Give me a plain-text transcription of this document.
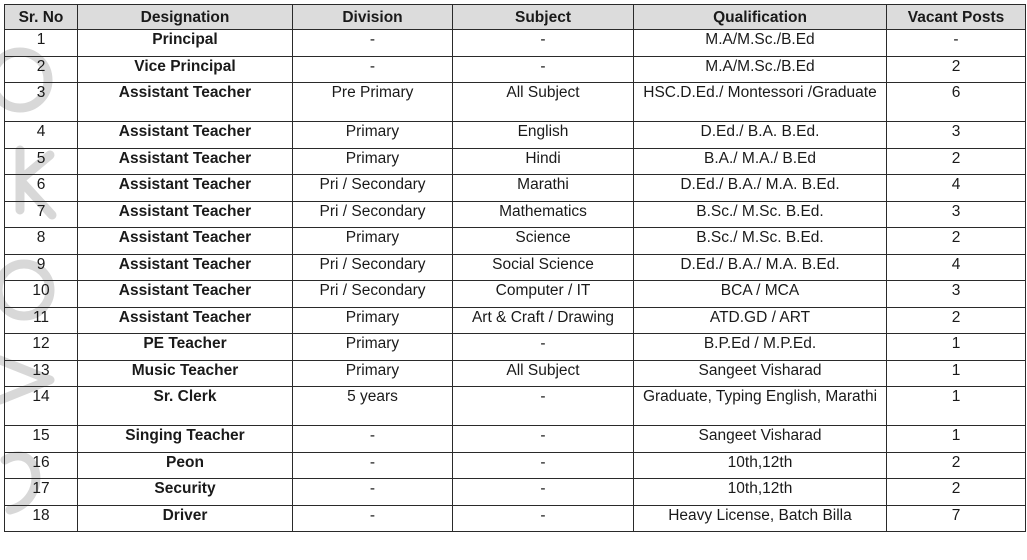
Sr. No	Designation	Division	Subject	Qualification	Vacant Posts
1	Principal	-	-	M.A/M.Sc./B.Ed	-
2	Vice Principal	-	-	M.A/M.Sc./B.Ed	2
3	Assistant Teacher	Pre Primary	All Subject	HSC.D.Ed./ Montessori /Graduate	6
4	Assistant Teacher	Primary	English	D.Ed./ B.A. B.Ed.	3
5	Assistant Teacher	Primary	Hindi	B.A./ M.A./ B.Ed	2
6	Assistant Teacher	Pri / Secondary	Marathi	D.Ed./ B.A./ M.A. B.Ed.	4
7	Assistant Teacher	Pri / Secondary	Mathematics	B.Sc./ M.Sc. B.Ed.	3
8	Assistant Teacher	Primary	Science	B.Sc./ M.Sc. B.Ed.	2
9	Assistant Teacher	Pri / Secondary	Social Science	D.Ed./ B.A./ M.A. B.Ed.	4
10	Assistant Teacher	Pri / Secondary	Computer / IT	BCA / MCA	3
11	Assistant Teacher	Primary	Art & Craft / Drawing	ATD.GD / ART	2
12	PE Teacher	Primary	-	B.P.Ed / M.P.Ed.	1
13	Music Teacher	Primary	All Subject	Sangeet Visharad	1
14	Sr. Clerk	5 years	-	Graduate, Typing English, Marathi	1
15	Singing Teacher	-	-	Sangeet Visharad	1
16	Peon	-	-	10th,12th	2
17	Security	-	-	10th,12th	2
18	Driver	-	-	Heavy License, Batch Billa	7
